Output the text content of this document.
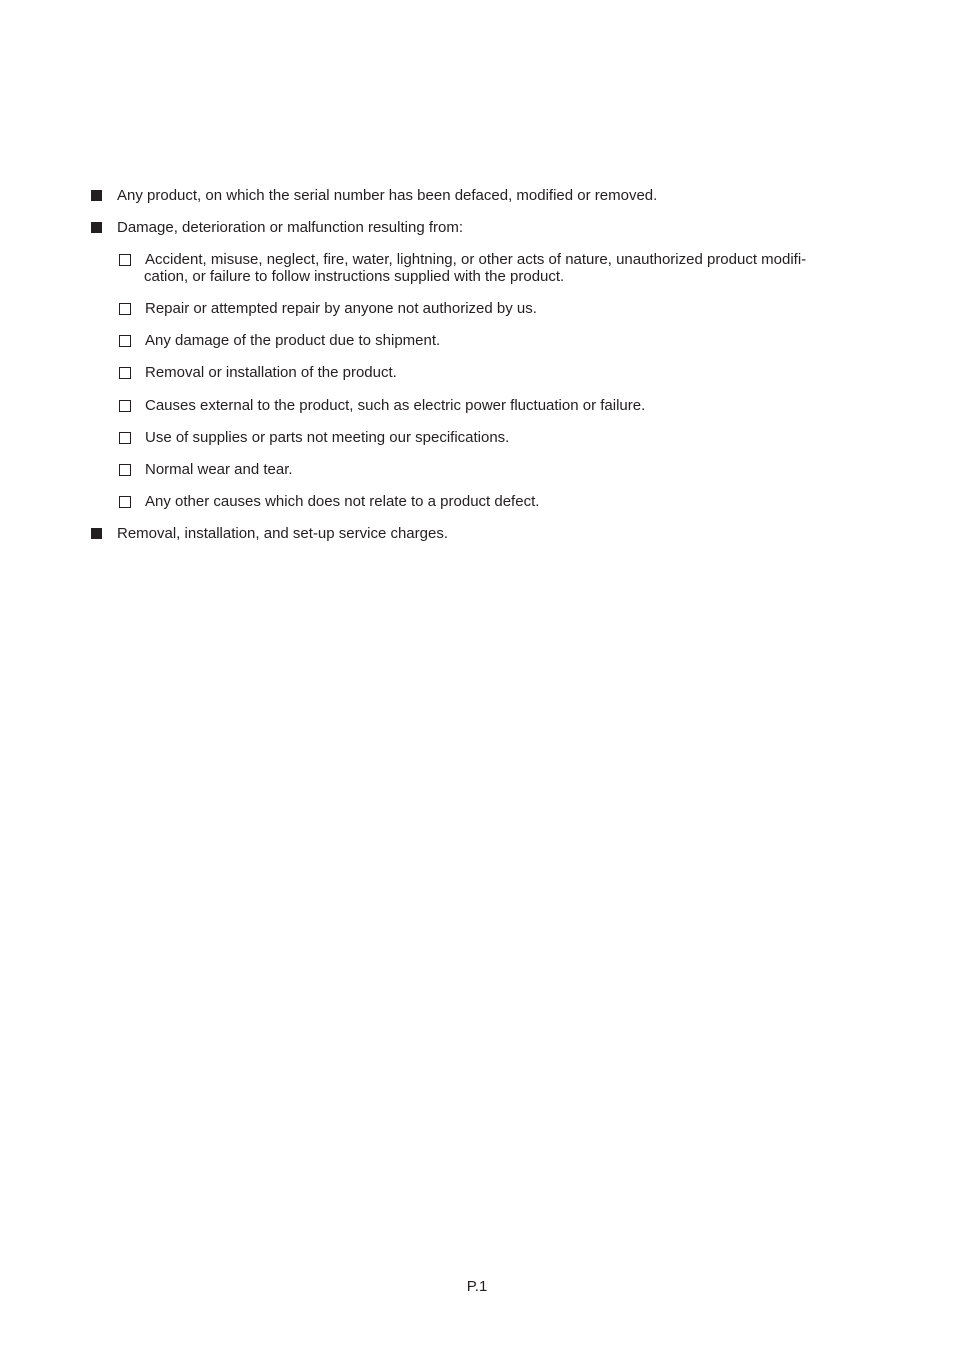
Any product, on which the serial number has been defaced, modified or removed.
Damage, deterioration or malfunction resulting from:
Accident, misuse, neglect, fire, water, lightning, or other acts of nature, unauthorized product modifi-
cation, or failure to follow instructions supplied with the product.
Repair or attempted repair by anyone not authorized by us.
Any damage of the product due to shipment.
Removal or installation of the product.
Causes external to the product, such as electric power fluctuation or failure.
Use of supplies or parts not meeting our specifications.
Normal wear and tear.
Any other causes which does not relate to a product defect.
Removal, installation, and set-up service charges.
P.1
